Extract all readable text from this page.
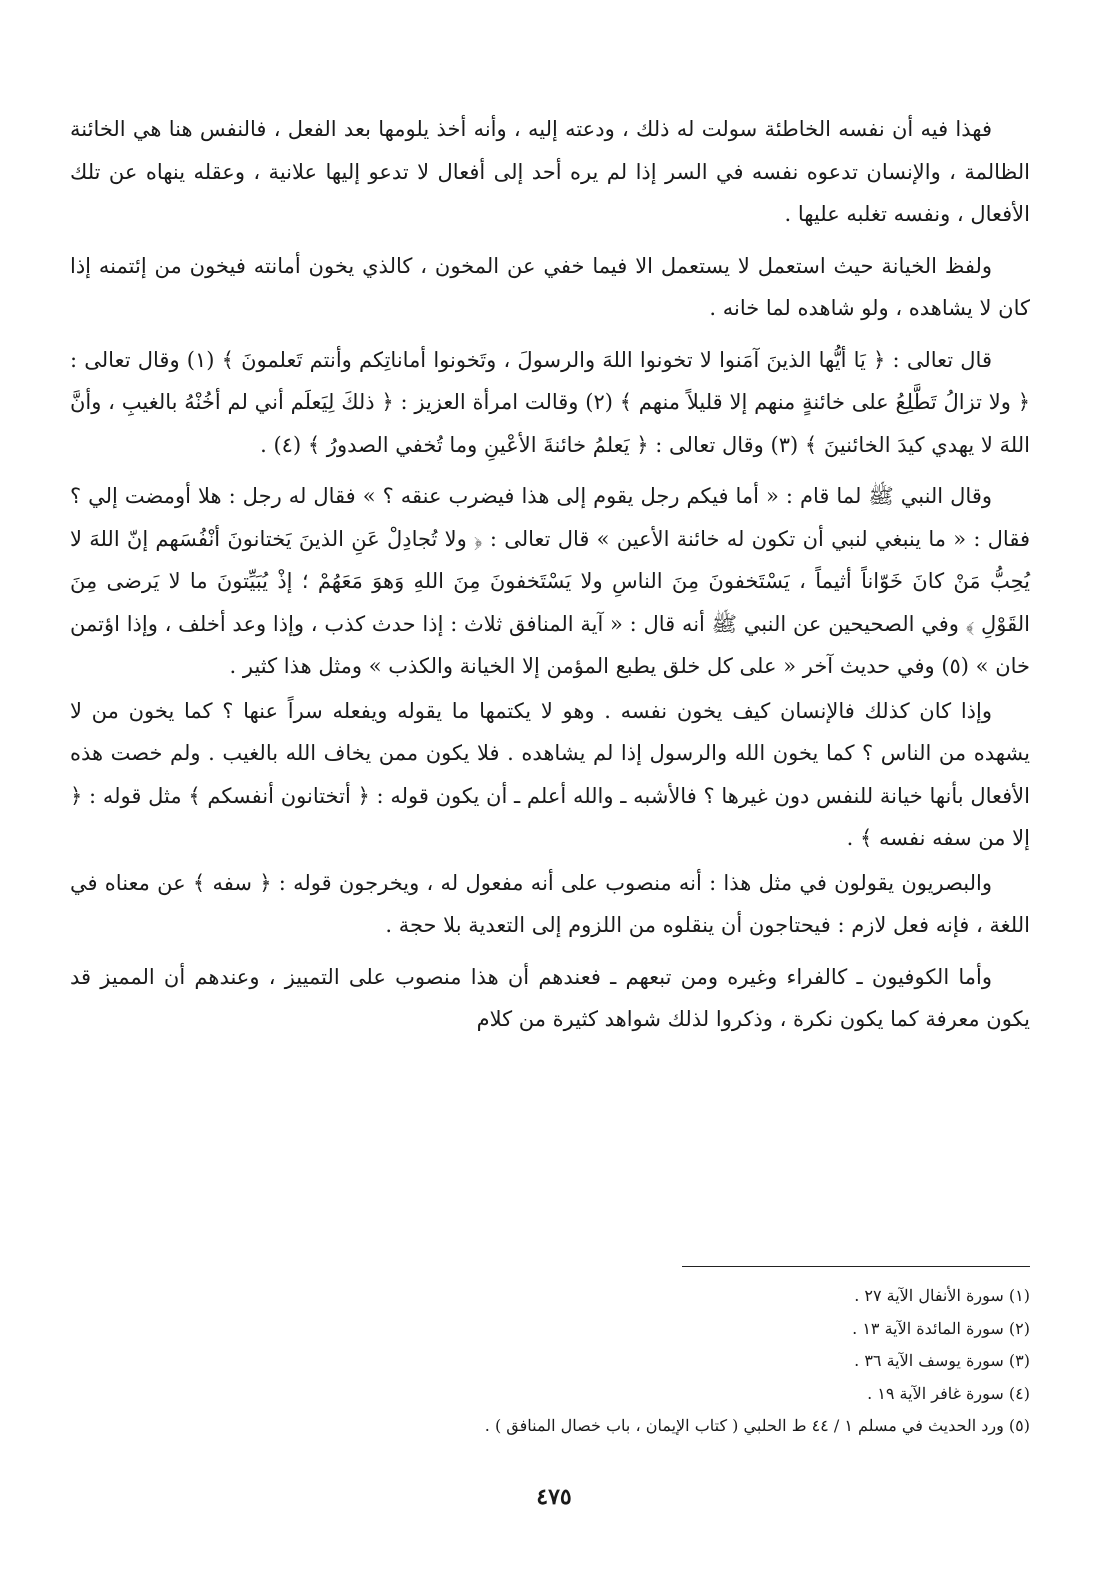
فهذا فيه أن نفسه الخاطئة سولت له ذلك ، ودعته إليه ، وأنه أخذ يلومها بعد الفعل ، فالنفس هنا هي الخائنة الظالمة ، والإنسان تدعوه نفسه في السر إذا لم يره أحد إلى أفعال لا تدعو إليها علانية ، وعقله ينهاه عن تلك الأفعال ، ونفسه تغلبه عليها .

ولفظ الخيانة حيث استعمل لا يستعمل الا فيما خفي عن المخون ، كالذي يخون أمانته فيخون من إئتمنه إذا كان لا يشاهده ، ولو شاهده لما خانه .

قال تعالى : ﴿ يَا أيُّها الذينَ آمَنوا لا تخونوا اللهَ والرسولَ ، وتَخونوا أماناتِكم وأنتم تَعلمونَ ﴾ (١) وقال تعالى : ﴿ ولا تزالُ تَطَّلِعُ على خائنةٍ منهم إلا قليلاً منهم ﴾ (٢) وقالت امرأة العزيز : ﴿ ذلكَ لِيَعلَم أني لم أخُنْهُ بالغيبِ ، وأنَّ اللهَ لا يهدي كيدَ الخائنينَ ﴾ (٣) وقال تعالى : ﴿ يَعلمُ خائنةَ الأعْينِ وما تُخفي الصدورُ ﴾ (٤) .

وقال النبي ﷺ لما قام : « أما فيكم رجل يقوم إلى هذا فيضرب عنقه ؟ » فقال له رجل : هلا أومضت إلي ؟ فقال : « ما ينبغي لنبي أن تكون له خائنة الأعين » قال تعالى : ﴿ ولا تُجادِلْ عَنِ الذينَ يَختانونَ أنْفُسَهم إنّ اللهَ لا يُحِبُّ مَنْ كانَ خَوّاناً أثيماً ، يَسْتَخفونَ مِنَ الناسِ ولا يَسْتَخفونَ مِنَ اللهِ وَهوَ مَعَهُمْ ؛ إذْ يُبَيِّتونَ ما لا يَرضى مِنَ القَوْلِ ﴾ وفي الصحيحين عن النبي ﷺ أنه قال : « آية المنافق ثلاث : إذا حدث كذب ، وإذا وعد أخلف ، وإذا اؤتمن خان » (٥) وفي حديث آخر « على كل خلق يطبع المؤمن إلا الخيانة والكذب » ومثل هذا كثير .

وإذا كان كذلك فالإنسان كيف يخون نفسه . وهو لا يكتمها ما يقوله ويفعله سراً عنها ؟ كما يخون من لا يشهده من الناس ؟ كما يخون الله والرسول إذا لم يشاهده . فلا يكون ممن يخاف الله بالغيب . ولم خصت هذه الأفعال بأنها خيانة للنفس دون غيرها ؟ فالأشبه ـ والله أعلم ـ أن يكون قوله : ﴿ أتختانون أنفسكم ﴾ مثل قوله : ﴿ إلا من سفه نفسه ﴾ .

والبصريون يقولون في مثل هذا : أنه منصوب على أنه مفعول له ، ويخرجون قوله : ﴿ سفه ﴾ عن معناه في اللغة ، فإنه فعل لازم : فيحتاجون أن ينقلوه من اللزوم إلى التعدية بلا حجة .

وأما الكوفيون ـ كالفراء وغيره ومن تبعهم ـ فعندهم أن هذا منصوب على التمييز ، وعندهم أن المميز قد يكون معرفة كما يكون نكرة ، وذكروا لذلك شواهد كثيرة من كلام

(١) سورة الأنفال الآية ٢٧ .
(٢) سورة المائدة الآية ١٣ .
(٣) سورة يوسف الآية ٣٦ .
(٤) سورة غافر الآية ١٩ .
(٥) ورد الحديث في مسلم ١ / ٤٤ ط الحلبي ( كتاب الإيمان ، باب خصال المنافق ) .
٤٧٥
